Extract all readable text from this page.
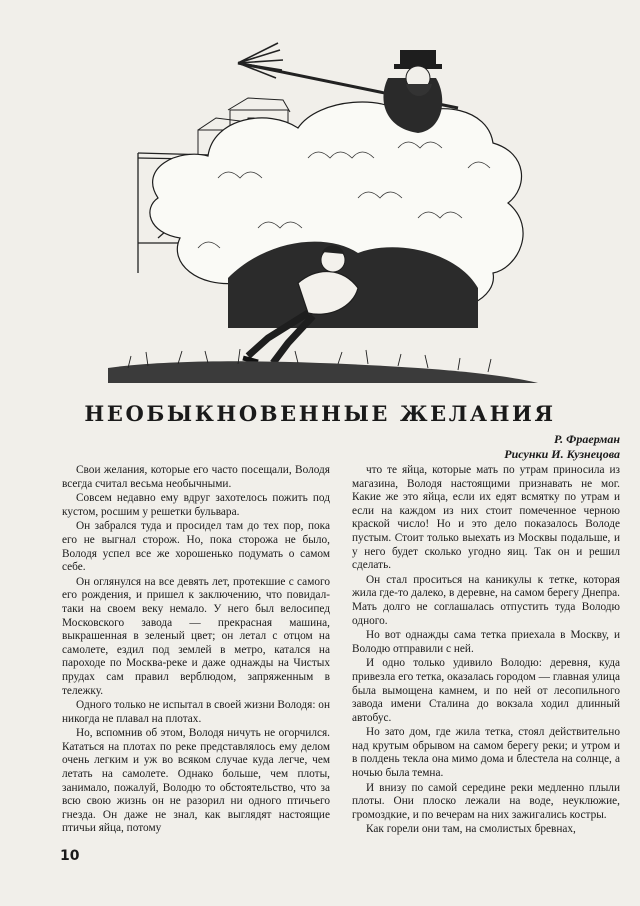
НЕОБЫКНОВЕННЫЕ ЖЕЛАНИЯ
Р. Фраерман
Рисунки И. Кузнецова

Свои желания, которые его часто посещали, Володя всегда считал весьма необычными.

Совсем недавно ему вдруг захотелось пожить под кустом, росшим у решетки бульвара.

Он забрался туда и просидел там до тех пор, пока его не выгнал сторож. Но, пока сторожа не было, Володя успел все же хорошенько подумать о самом себе.

Он оглянулся на все девять лет, протекшие с самого его рождения, и пришел к заключению, что повидал-таки на своем веку немало. У него был велосипед Московского завода — прекрасная машина, выкрашенная в зеленый цвет; он летал с отцом на самолете, ездил под землей в метро, катался на пароходе по Москва-реке и даже однажды на Чистых прудах сам правил верблюдом, запряженным в тележку.

Одного только не испытал в своей жизни Володя: он никогда не плавал на плотах.

Но, вспомнив об этом, Володя ничуть не огорчился. Кататься на плотах по реке представлялось ему делом очень легким и уж во всяком случае куда легче, чем летать на самолете. Однако больше, чем плоты, занимало, пожалуй, Володю то обстоятельство, что за всю свою жизнь он не разорил ни одного птичьего гнезда. Он даже не знал, как выглядят настоящие птичьи яйца, потому

что те яйца, которые мать по утрам приносила из магазина, Володя настоящими признавать не мог. Какие же это яйца, если их едят всмятку по утрам и если на каждом из них стоит помеченное черною краской число! Но и это дело показалось Володе пустым. Стоит только выехать из Москвы подальше, и у него будет сколько угодно яиц. Так он и решил сделать.

Он стал проситься на каникулы к тетке, которая жила где-то далеко, в деревне, на самом берегу Днепра. Мать долго не соглашалась отпустить туда Володю одного.

Но вот однажды сама тетка приехала в Москву, и Володю отправили с ней.

И одно только удивило Володю: деревня, куда привезла его тетка, оказалась городом — главная улица была вымощена камнем, и по ней от лесопильного завода имени Сталина до вокзала ходил длинный автобус.

Но зато дом, где жила тетка, стоял действительно над крутым обрывом на самом берегу реки; и утром и в полдень текла она мимо дома и блестела на солнце, а ночью была темна.

И внизу по самой середине реки медленно плыли плоты. Они плоско лежали на воде, неуклюжие, громоздкие, и по вечерам на них зажигались костры.

Как горели они там, на смолистых бревнах,

10
